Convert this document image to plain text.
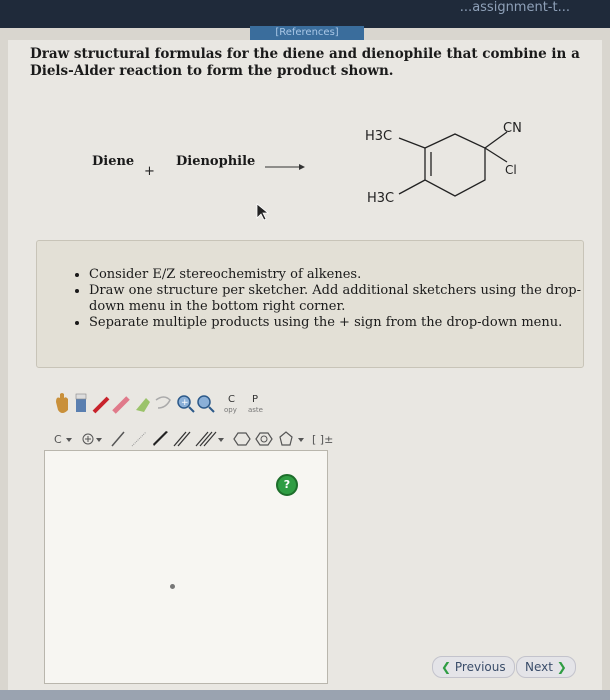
...assignment-t...
[References]
Draw structural formulas for the diene and dienophile that combine in a Diels-Alder reaction to form the product shown.
Diene
+
Dienophile →
H3C
H3C
CN
Cl
• Consider E/Z stereochemistry of alkenes.
• Draw one structure per sketcher. Add additional sketchers using the drop-down menu in the bottom right corner.
• Separate multiple products using the + sign from the drop-down menu.
+	C
opy
P
aste
C	[ ]±
?
❮ Previous	Next ❯
